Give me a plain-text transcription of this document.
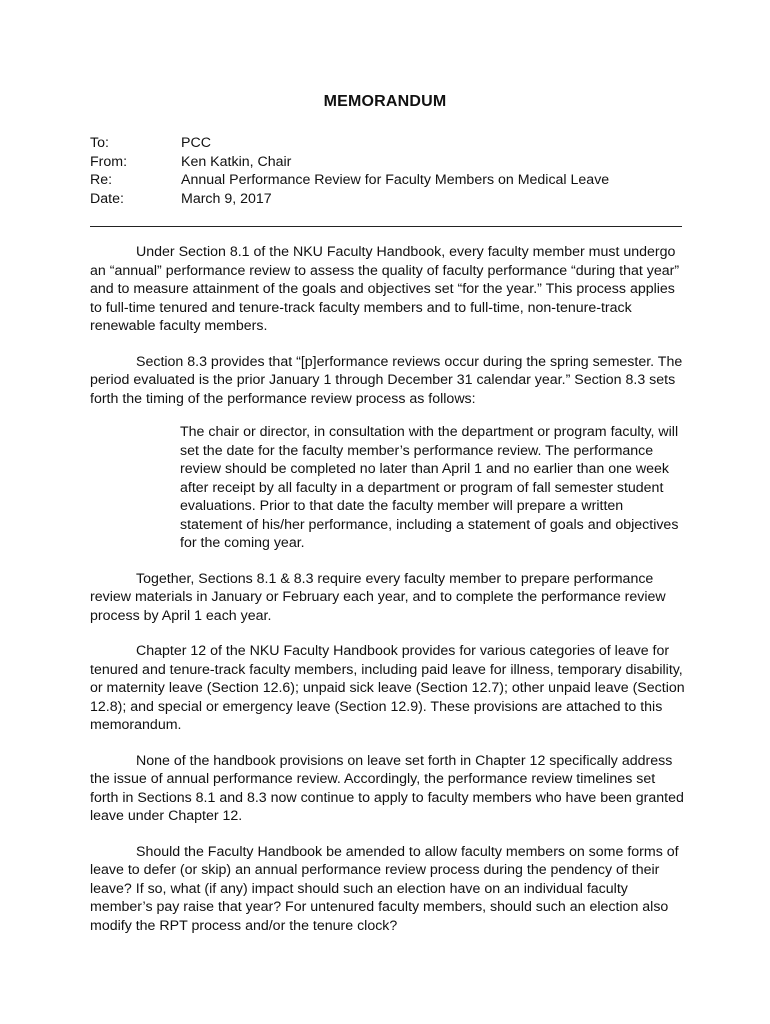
MEMORANDUM
To:	PCC
From:	Ken Katkin, Chair
Re:	Annual Performance Review for Faculty Members on Medical Leave
Date:	March 9, 2017

Under Section 8.1 of the NKU Faculty Handbook, every faculty member must undergo an “annual” performance review to assess the quality of faculty performance “during that year” and to measure attainment of the goals and objectives set “for the year.” This process applies to full-time tenured and tenure-track faculty members and to full-time, non-tenure-track renewable faculty members.

Section 8.3 provides that “[p]erformance reviews occur during the spring semester. The period evaluated is the prior January 1 through December 31 calendar year.” Section 8.3 sets forth the timing of the performance review process as follows:

The chair or director, in consultation with the department or program faculty, will set the date for the faculty member’s performance review. The performance review should be completed no later than April 1 and no earlier than one week after receipt by all faculty in a department or program of fall semester student evaluations. Prior to that date the faculty member will prepare a written statement of his/her performance, including a statement of goals and objectives for the coming year.

Together, Sections 8.1 & 8.3 require every faculty member to prepare performance review materials in January or February each year, and to complete the performance review process by April 1 each year.

Chapter 12 of the NKU Faculty Handbook provides for various categories of leave for tenured and tenure-track faculty members, including paid leave for illness, temporary disability, or maternity leave (Section 12.6); unpaid sick leave (Section 12.7); other unpaid leave (Section 12.8); and special or emergency leave (Section 12.9). These provisions are attached to this memorandum.

None of the handbook provisions on leave set forth in Chapter 12 specifically address the issue of annual performance review. Accordingly, the performance review timelines set forth in Sections 8.1 and 8.3 now continue to apply to faculty members who have been granted leave under Chapter 12.

Should the Faculty Handbook be amended to allow faculty members on some forms of leave to defer (or skip) an annual performance review process during the pendency of their leave? If so, what (if any) impact should such an election have on an individual faculty member’s pay raise that year? For untenured faculty members, should such an election also modify the RPT process and/or the tenure clock?
